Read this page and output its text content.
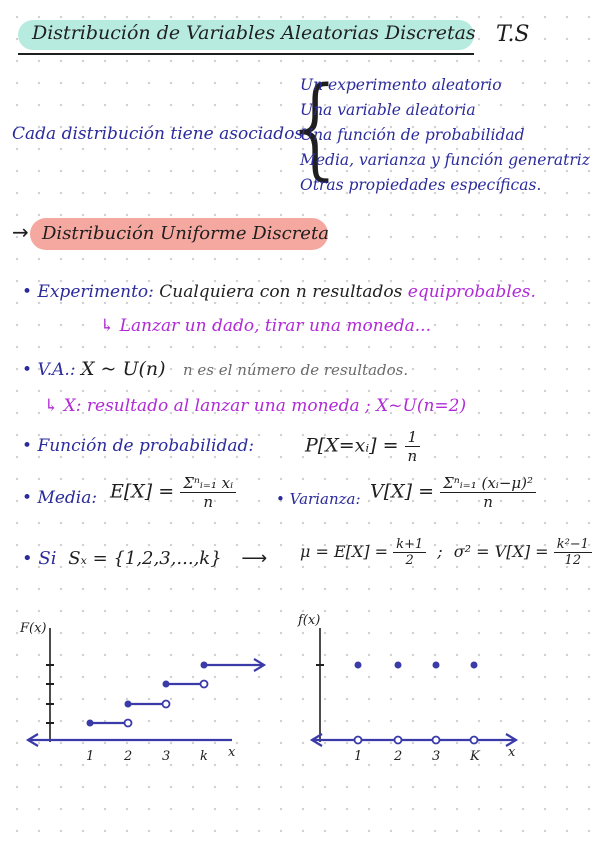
Distribución de Variables Aleatorias Discretas T.S
Cada distribución tiene asociados
{
Un experimento aleatorio
Una variable aleatoria
Una función de probabilidad
Media, varianza y función generatriz
Otras propiedades específicas.
→ Distribución Uniforme Discreta
• Experimento: Cualquiera con n resultados equiprobables.
↳ Lanzar un dado, tirar una moneda...
• V.A.: X ~ U(n) n es el número de resultados.
↳ X: resultado al lanzar una moneda ; X~U(n=2)
• Función de probabilidad:	P[X=xᵢ] = $\frac{1}{n}$
• Media: $E[X] = \frac{\text{Σⁿᵢ₌₁ xᵢ}}{n}$	• Varianza: $V[X] = \frac{\text{Σⁿᵢ₌₁ (xᵢ−μ)²}}{n}$
• Si Sₓ = {1,2,3,...,k} ⟶ $\mu = E[X] = \frac{k+1}{2}$ ; $\sigma^2 = V[X] = \frac{\text{k²−1}}{12}$
F(x)
1 2 3 k x
f(x)
1 2 3 K x
